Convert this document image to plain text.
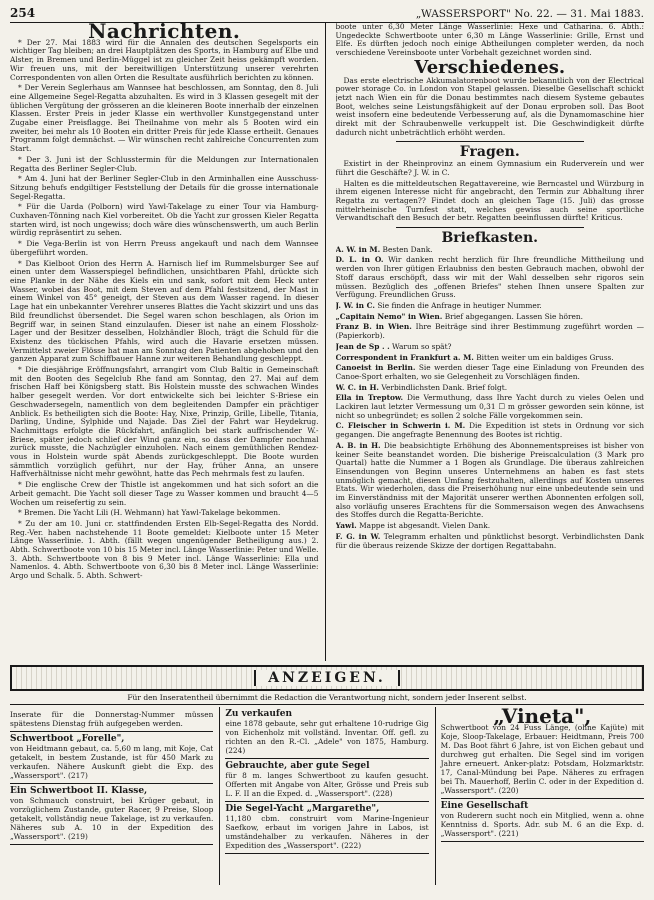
254	„WASSERSPORT" No. 22. — 31. Mai 1883.
Nachrichten.

* Der 27. Mai 1883 wird für die Annalen des deutschen Segelsports ein wichtiger Tag bleiben; an drei Hauptplätzen des Sports, in Hamburg auf Elbe und Alster, in Bremen und Berlin-Müggel ist zu gleicher Zeit heiss gekämpft worden. Wir freuen uns, mit der bereitwilligen Unterstützung unserer verehrten Correspondenten von allen Orten die Resultate ausführlich berichten zu können.

* Der Verein Seglerhaus am Wannsee hat beschlossen, am Sonntag, den 8. Juli eine Allgemeine Segel-Regatta abzuhalten. Es wird in 3 Klassen gesegelt mit der üblichen Vergütung der grösseren an die kleineren Boote innerhalb der einzelnen Klassen. Erster Preis in jeder Klasse ein werthvoller Kunstgegenstand unter Zugabe einer Preisflagge. Bei Theilnahme von mehr als 5 Booten wird ein zweiter, bei mehr als 10 Booten ein dritter Preis für jede Klasse ertheilt. Genaues Programm folgt demnächst. — Wir wünschen recht zahlreiche Concurrenten zum Start.

* Der 3. Juni ist der Schlusstermin für die Meldungen zur Internationalen Regatta des Berliner Segler-Club.

* Am 4. Juni hat der Berliner Segler-Club in den Arminhallen eine Ausschuss-Sitzung behufs endgiltiger Feststellung der Details für die grosse internationale Segel-Regatta.

* Für die Uarda (Polborn) wird Yawl-Takelage zu einer Tour via Hamburg-Cuxhaven-Tönning nach Kiel vorbereitet. Ob die Yacht zur grossen Kieler Regatta starten wird, ist noch ungewiss; doch wäre dies wünschenswerth, um auch Berlin würdig repräsentirt zu sehen.

* Die Vega-Berlin ist von Herrn Preuss angekauft und nach dem Wannsee übergeführt worden.

* Das Kielboot Orion des Herrn A. Harnisch lief im Rummelsburger See auf einen unter dem Wasserspiegel befindlichen, unsichtbaren Pfahl, drückte sich eine Planke in der Nähe des Kiels ein und sank, sofort mit dem Heck unter Wasser, wobei das Boot, mit dem Steven auf dem Pfahl festsitzend, der Mast in einem Winkel von 45° geneigt, der Steven aus dem Wasser ragend. In dieser Lage hat ein unbekannter Verehrer unseres Blattes die Yacht skizzirt und uns das Bild freundlichst übersendet. Die Segel waren schon beschlagen, als Orion im Begriff war, in seinen Stand einzulaufen. Dieser ist nahe an einem Flossholz-Lager und der Besitzer desselben, Holzhändler Bloch, trägt die Schuld für die Existenz des tückischen Pfahls, wird auch die Havarie ersetzen müssen. Vermittelst zweier Flösse hat man am Sonntag den Patienten abgehoben und den ganzen Apparat zum Schiffbauer Hanne zur weiteren Behandlung geschleppt.

* Die diesjährige Eröffnungsfahrt, arrangirt vom Club Baltic in Gemeinschaft mit den Booten des Segelclub Rhe fand am Sonntag, den 27. Mai auf dem frischen Haff bei Königsberg statt. Bis Holstein musste des schwachen Windes halber gesegelt werden. Vor dort entwickelte sich bei leichter S-Briese ein Geschwadersegeln, namentlich von dem begleitenden Dampfer ein prächtiger Anblick. Es betheiligten sich die Boote: Hay, Nixe, Prinzip, Grille, Libelle, Titania, Darling, Undine, Sylphide und Najade. Das Ziel der Fahrt war Heydekrug. Nachmittags erfolgte die Rückfahrt, anfänglich bei stark auffrischender W.-Briese, später jedoch schlief der Wind ganz ein, so dass der Dampfer nochmal zurück musste, die Nachzügler einzuholen. Nach einem gemüthlichen Rendez-vous in Holstein wurde spät Abends zurückgeschleppt. Die Boote wurden sämmtlich vorzüglich geführt, nur der Hay, früher Anna, an unsere Haffverhältnisse nicht mehr gewöhnt, hatte das Pech mehrmals fest zu laufen.

* Die englische Crew der Thistle ist angekommen und hat sich sofort an die Arbeit gemacht. Die Yacht soll dieser Tage zu Wasser kommen und braucht 4—5 Wochen um reisefertig zu sein.

* Bremen. Die Yacht Lili (H. Wehmann) hat Yawl-Takelage bekommen.

* Zu der am 10. Juni cr. stattfindenden Ersten Elb-Segel-Regatta des Nordd. Reg.-Ver. haben nachstehende 11 Boote gemeldet: Kielboote unter 15 Meter Länge Wasserlinie. 1. Abth. (fällt wegen ungenügender Betheiligung aus.) 2. Abth. Schwertboote von 10 bis 15 Meter incl. Länge Wasserlinie: Peter und Welle. 3. Abth. Schwertboote von 8 bis 9 Meter incl. Länge Wasserlinie: Ella und Namenlos. 4. Abth. Schwertboote von 6,30 bis 8 Meter incl. Länge Wasserlinie: Argo und Schalk. 5. Abth. Schwert-

boote unter 6,30 Meter Länge Wasserlinie: Hexe und Catharina. 6. Abth.: Ungedeckte Schwertboote unter 6,30 m Länge Wasserlinie: Grille, Ernst und Elfe. Es dürften jedoch noch einige Abtheilungen completer werden, da noch verschiedene Vereinsboote unter Vorbehalt gezeichnet worden sind.

Verschiedenes.

Das erste electrische Akkumalatorenboot wurde bekanntlich von der Electrical power storage Co. in London von Stapel gelassen. Dieselbe Gesellschaft schickt jetzt nach Wien ein für die Donau bestimmtes nach diesem Systeme gebautes Boot, welches seine Leistungsfähigkeit auf der Donau erproben soll. Das Boot weist insofern eine bedeutende Verbesserung auf, als die Dynamomaschine hier direkt mit der Schraubenwelle verkuppelt ist. Die Geschwindigkeit dürfte dadurch nicht unbeträchtlich erhöht werden.

Fragen.

Existirt in der Rheinprovinz an einem Gymnasium ein Rudervereín und wer führt die Geschäfte? J. W. in C.

Halten es die mitteldeutschen Regattavereine, wie Berncastel und Würzburg in ihrem eigenen Interesse nicht für angebracht, den Termin zur Abhaltung ihrer Regatta zu vertagen?? Findet doch an gleichen Tage (15. Juli) das grosse mittelrheinische Turnfest statt, welches gewiss auch seine sportliche Verwandtschaft den Besuch der betr. Regatten beeinflussen dürfte! Kriticus.

Briefkasten.
A. W. in M. Besten Dank.
D. L. in O. Wir danken recht herzlich für Ihre freundliche Mittheilung und werden von Ihrer gütigen Erlaubniss den besten Gebrauch machen, obwohl der Stoff daraus erschöpft, dass wir mit der Wahl desselben sehr rigoros sein müssen. Bezüglich des „offenen Briefes" stehen Ihnen unsere Spalten zur Verfügung. Freundlichen Gruss.
J. W. in C. Sie finden die Anfrage in heutiger Nummer.
„Capitain Nemo" in Wien. Brief abgegangen. Lassen Sie hören.
Franz B. in Wien. Ihre Beiträge sind ihrer Bestimmung zugeführt worden — (Papierkorb).
Jean de Sp . . Warum so spät?
Correspondent in Frankfurt a. M. Bitten weiter um ein baldiges Gruss.
Canoeist in Berlin. Sie werden dieser Tage eine Einladung von Freunden des Canoe-Sport erhalten, wo sie Gelegenheit zu Vorschlägen finden.
W. C. in H. Verbindlichsten Dank. Brief folgt.
Ella in Treptow. Die Vermuthung, dass Ihre Yacht durch zu vieles Oelen und Lackiren laut letzter Vermessung um 0,31 ☐ m grösser geworden sein könne, ist nicht so unbegründet; es sollen 2 solche Fälle vorgekommen sein.
C. Fleischer in Schwerin i. M. Die Expedition ist stets in Ordnung vor sich gegangen. Die angefragte Benennung des Bootes ist richtig.
A. B. in H. Die beabsichtigte Erhöhung des Abonnementspreises ist bisher von keiner Seite beanstandet worden. Die bisherige Preiscalculation (3 Mark pro Quartal) hatte die Nummer a 1 Bogen als Grundlage. Die überaus zahlreichen Einsendungen von Beginn unseres Unternehmens an haben es fast stets unmöglich gemacht, diesen Umfang festzuhalten, allerdings auf Kosten unseres Etats. Wir wiederholen, dass die Preiserhöhung nur eine unbedeutende sein und im Einverständniss mit der Majorität unserer werthen Abonnenten erfolgen soll, also vorläufig unseres Erachtens für die Sommersaison wegen des Anwachsens des Stoffes durch die Regatta-Berichte.
Yawl. Mappe ist abgesandt. Vielen Dank.
F. G. in W. Telegramm erhalten und pünktlichst besorgt. Verbindlichsten Dank für die überaus reizende Skizze der dortigen Regattabahn.
ANZEIGEN.
Für den Inseratentheil übernimmt die Redaction die Verantwortung nicht, sondern jeder Inserent selbst.
Inserate für die Donnerstag-Nummer müssen spätestens Dienstag früh aufgegeben werden.
Schwertboot „Forelle",
von Heidtmann gebaut, ca. 5,60 m lang, mit Koje, Cat getakelt, in bestem Zustande, ist für 450 Mark zu verkaufen. Nähere Auskunft giebt die Exp. des „Wassersport". (217)
Ein Schwertboot II. Klasse,
von Schmauch construirt, bei Krüger gebaut, in vorzüglichem Zustande, guter Racer, 9 Preise, Sloop getakelt, vollständig neue Takelage, ist zu verkaufen. Näheres sub A. 10 in der Expedition des „Wassersport". (219)
Zu verkaufen
eine 1878 gebaute, sehr gut erhaltene 10-rudrige Gig von Eichenholz mit vollständ. Inventar. Off. gefl. zu richten an den R.-Cl. „Adele" von 1875, Hamburg. (224)
Gebrauchte, aber gute Segel
für 8 m. langes Schwertboot zu kaufen gesucht. Offerten mit Angabe von Alter, Grösse und Preis sub L. F. II an die Exped. d. „Wassersport". (228)
Die Segel-Yacht „Margarethe",
11,180 cbm. construirt vom Marine-Ingenieur Saefkow, erbaut im vorigen Jahre in Labos, ist umständehalber zu verkaufen. Näheres in der Expedition des „Wassersport". (222)
„Vineta",
Schwertboot von 24 Fuss Länge, (ohne Kajüte) mit Koje, Sloop-Takelage, Erbauer: Heidtmann, Preis 700 M. Das Boot fährt 6 Jahre, ist von Eichen gebaut und durchweg gut erhalten. Die Segel sind im vorigen Jahre erneuert. Anker-platz: Potsdam, Holzmarktstr. 17, Canal-Mündung bei Pape. Näheres zu erfragen bei Th. Mauerhoff, Berlin C. oder in der Expedition d. „Wassersport". (220)
Eine Gesellschaft
von Ruderern sucht noch ein Mitglied, wenn a. ohne Kenntniss d. Sports. Adr. sub M. 6 an die Exp. d. „Wassersport". (221)
